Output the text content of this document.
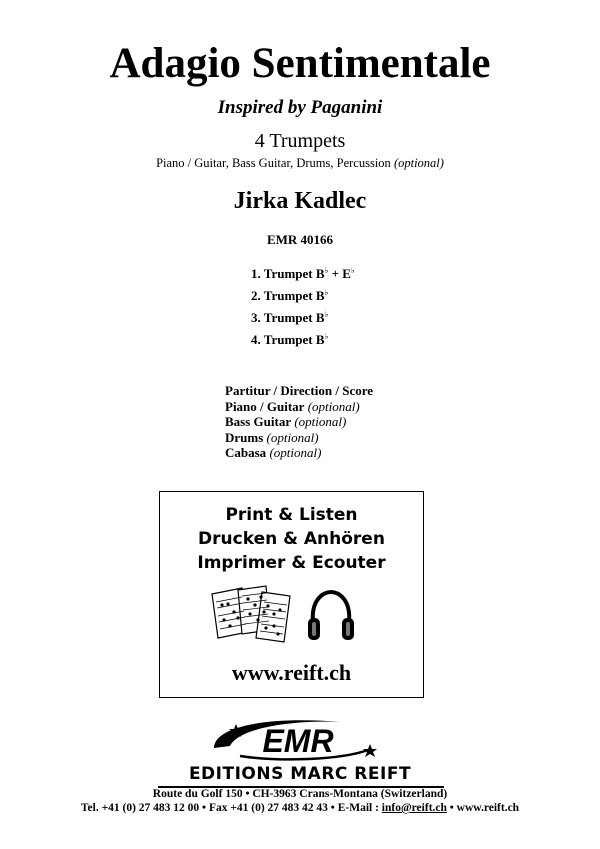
Adagio Sentimentale
Inspired by Paganini
4 Trumpets
Piano / Guitar, Bass Guitar, Drums, Percussion (optional)
Jirka Kadlec
EMR 40166
1. Trumpet B♭ + E♭
2. Trumpet B♭
3. Trumpet B♭
4. Trumpet B♭
Partitur / Direction / Score
Piano / Guitar (optional)
Bass Guitar (optional)
Drums (optional)
Cabasa (optional)
Print & Listen
Drucken & Anhören
Imprimer & Ecouter
www.reift.ch
EMR
EDITIONS MARC REIFT
Route du Golf 150 • CH-3963 Crans-Montana (Switzerland)
Tel. +41 (0) 27 483 12 00 • Fax +41 (0) 27 483 42 43 • E-Mail : info@reift.ch • www.reift.ch
